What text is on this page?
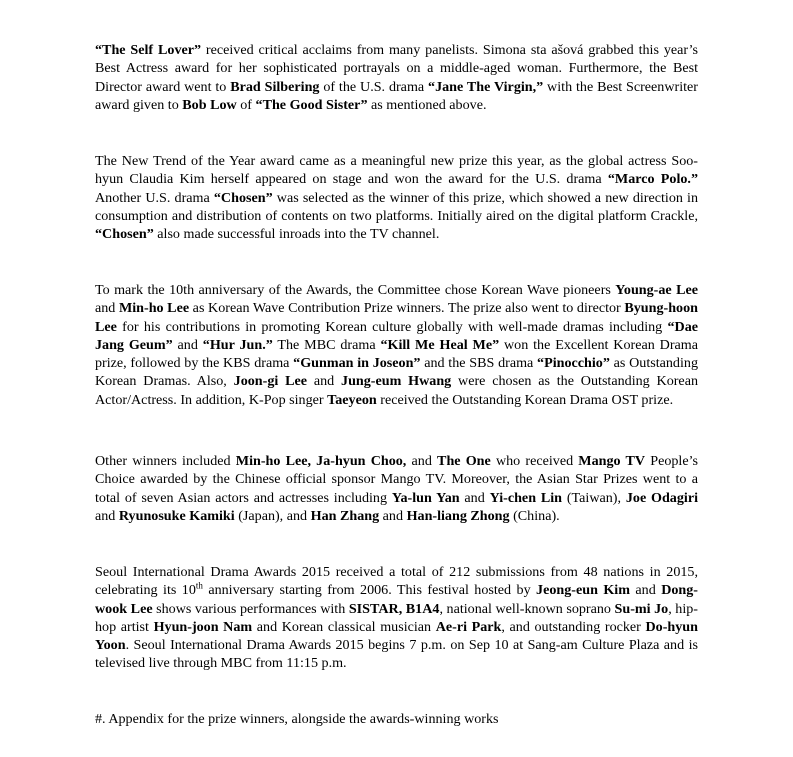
“The Self Lover” received critical acclaims from many panelists. Simona sta ašová grabbed this year’s Best Actress award for her sophisticated portrayals on a middle-aged woman. Furthermore, the Best Director award went to Brad Silbering of the U.S. drama “Jane The Virgin,” with the Best Screenwriter award given to Bob Low of “The Good Sister” as mentioned above.

The New Trend of the Year award came as a meaningful new prize this year, as the global actress Soo-hyun Claudia Kim herself appeared on stage and won the award for the U.S. drama “Marco Polo.” Another U.S. drama “Chosen” was selected as the winner of this prize, which showed a new direction in consumption and distribution of contents on two platforms. Initially aired on the digital platform Crackle, “Chosen” also made successful inroads into the TV channel.

To mark the 10th anniversary of the Awards, the Committee chose Korean Wave pioneers Young-ae Lee and Min-ho Lee as Korean Wave Contribution Prize winners. The prize also went to director Byung-hoon Lee for his contributions in promoting Korean culture globally with well-made dramas including “Dae Jang Geum” and “Hur Jun.” The MBC drama “Kill Me Heal Me” won the Excellent Korean Drama prize, followed by the KBS drama “Gunman in Joseon” and the SBS drama “Pinocchio” as Outstanding Korean Dramas. Also, Joon-gi Lee and Jung-eum Hwang were chosen as the Outstanding Korean Actor/Actress. In addition, K-Pop singer Taeyeon received the Outstanding Korean Drama OST prize.

Other winners included Min-ho Lee, Ja-hyun Choo, and The One who received Mango TV People’s Choice awarded by the Chinese official sponsor Mango TV. Moreover, the Asian Star Prizes went to a total of seven Asian actors and actresses including Ya-lun Yan and Yi-chen Lin (Taiwan), Joe Odagiri and Ryunosuke Kamiki (Japan), and Han Zhang and Han-liang Zhong (China).

Seoul International Drama Awards 2015 received a total of 212 submissions from 48 nations in 2015, celebrating its 10th anniversary starting from 2006. This festival hosted by Jeong-eun Kim and Dong-wook Lee shows various performances with SISTAR, B1A4, national well-known soprano Su-mi Jo, hip-hop artist Hyun-joon Nam and Korean classical musician Ae-ri Park, and outstanding rocker Do-hyun Yoon. Seoul International Drama Awards 2015 begins 7 p.m. on Sep 10 at Sang-am Culture Plaza and is televised live through MBC from 11:15 p.m.

#. Appendix for the prize winners, alongside the awards-winning works
